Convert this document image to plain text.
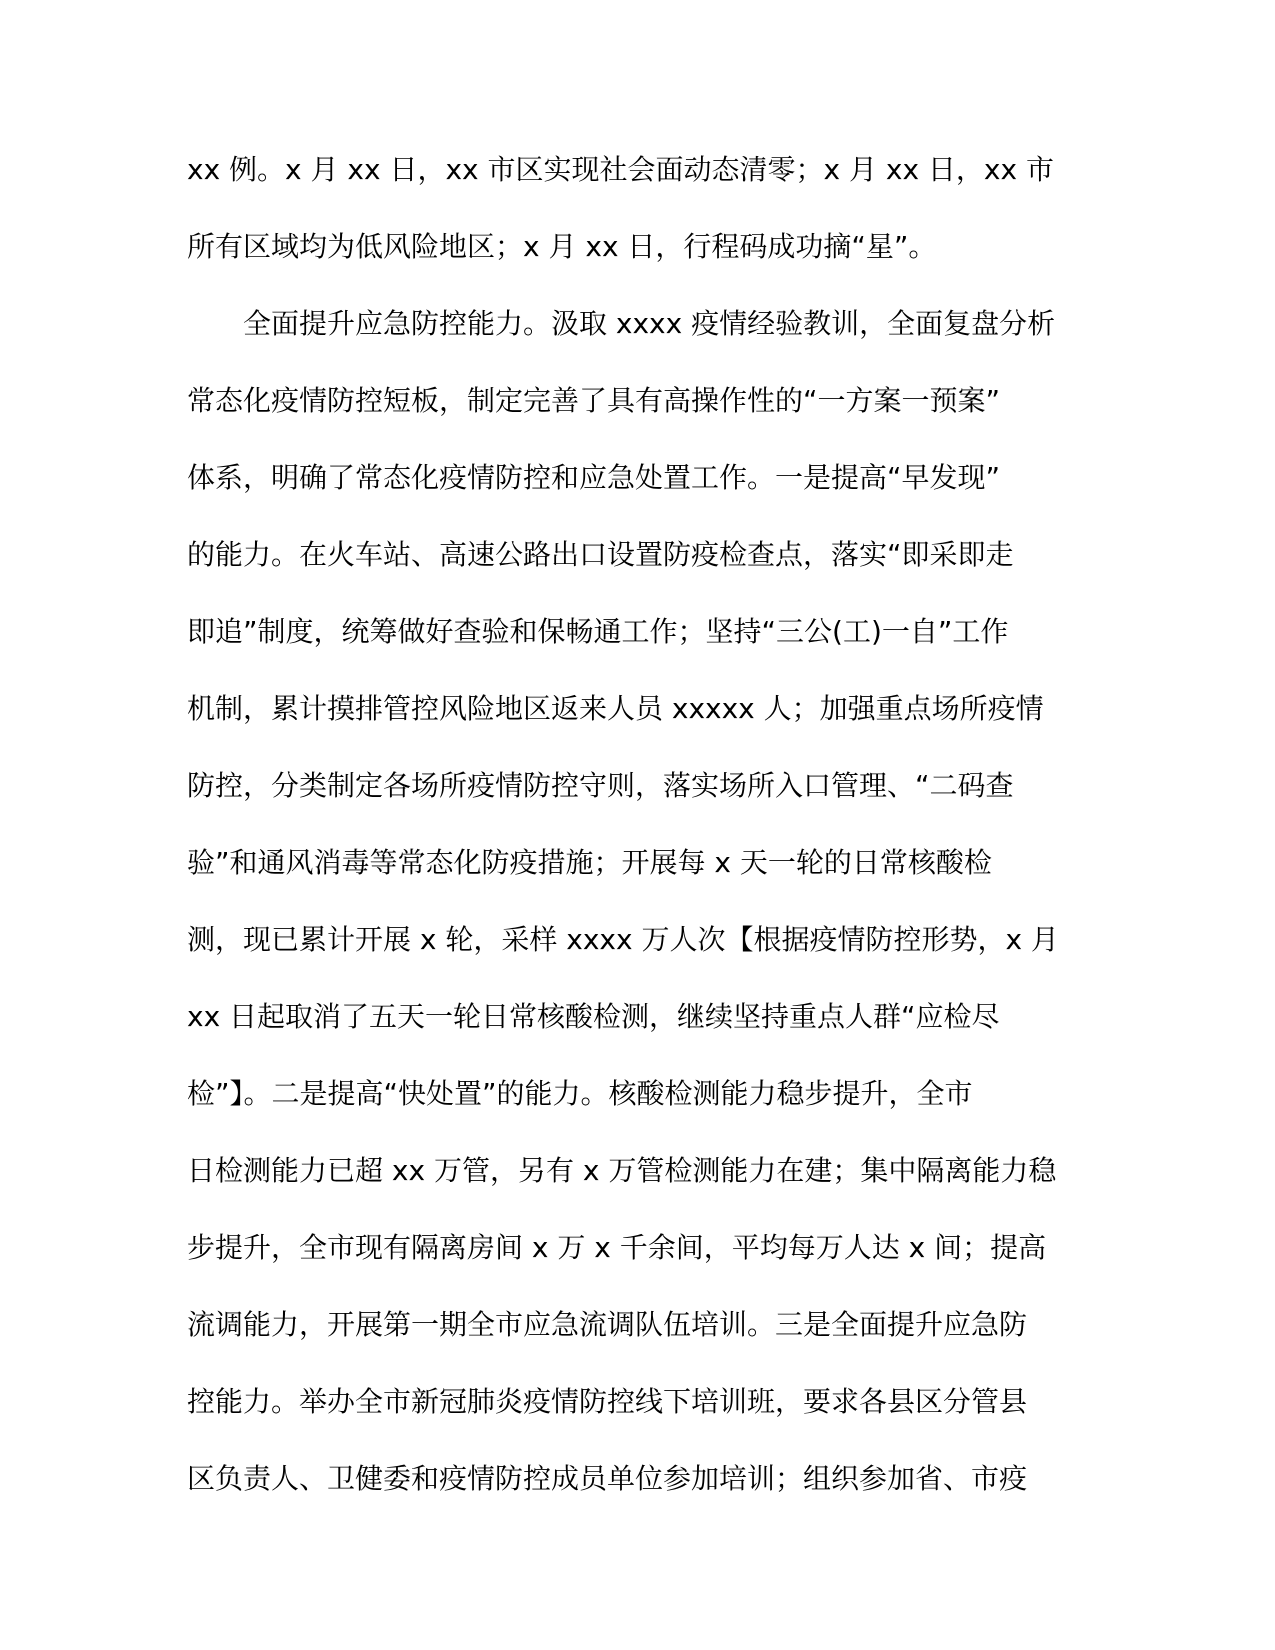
xx 例。x 月 xx 日，xx 市区实现社会面动态清零；x 月 xx 日，xx 市
所有区域均为低风险地区；x 月 xx 日，行程码成功摘“星”。
全面提升应急防控能力。汲取 xxxx 疫情经验教训，全面复盘分析
常态化疫情防控短板，制定完善了具有高操作性的“一方案一预案”
体系，明确了常态化疫情防控和应急处置工作。一是提高“早发现”
的能力。在火车站、高速公路出口设置防疫检查点，落实“即采即走
即追”制度，统筹做好查验和保畅通工作；坚持“三公(工)一自”工作
机制，累计摸排管控风险地区返来人员 xxxxx 人；加强重点场所疫情
防控，分类制定各场所疫情防控守则，落实场所入口管理、“二码查
验”和通风消毒等常态化防疫措施；开展每 x 天一轮的日常核酸检
测，现已累计开展 x 轮，采样 xxxx 万人次【根据疫情防控形势，x 月
xx 日起取消了五天一轮日常核酸检测，继续坚持重点人群“应检尽
检”】。二是提高“快处置”的能力。核酸检测能力稳步提升，全市
日检测能力已超 xx 万管，另有 x 万管检测能力在建；集中隔离能力稳
步提升，全市现有隔离房间 x 万 x 千余间，平均每万人达 x 间；提高
流调能力，开展第一期全市应急流调队伍培训。三是全面提升应急防
控能力。举办全市新冠肺炎疫情防控线下培训班，要求各县区分管县
区负责人、卫健委和疫情防控成员单位参加培训；组织参加省、市疫
